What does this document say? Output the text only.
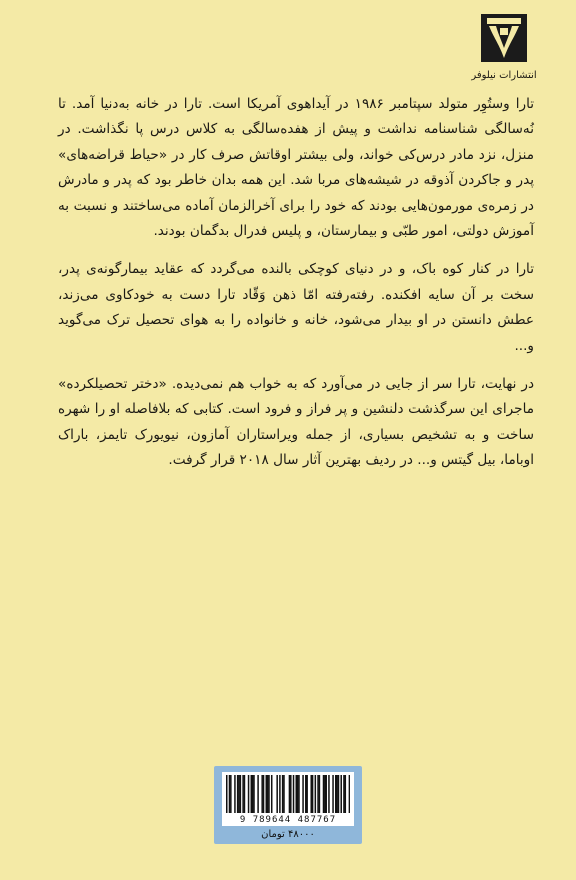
انتشارات نیلوفر

تارا وستُوِر متولد سپتامبر ۱۹۸۶ در آیداهوی آمریکا است. تارا در خانه به‌دنیا آمد. تا نُه‌سالگی شناسنامه نداشت و پیش از هفده‌سالگی به کلاس درس پا نگذاشت. در منزل، نزد مادر درس‌کی خواند، ولی بیشتر اوقاتش صرف کار در «حیاط قراضه‌های» پدر و جاکردن آذوقه در شیشه‌های مربا شد. این همه بدان خاطر بود که پدر و مادرش در زمره‌ی مورمون‌هایی بودند که خود را برای آخرالزمان آماده می‌ساختند و نسبت به آموزش دولتی، امور طبّی و بیمارستان، و پلیس فدرال بدگمان بودند.

تارا در کنار کوه باک، و در دنیای کوچکی بالنده می‌گردد که عقاید بیمارگونه‌ی پدر، سخت بر آن سایه افکنده. رفته‌رفته امّا ذهن وَقّاد تارا دست به خودکاوی می‌زند، عطش دانستن در او بیدار می‌شود، خانه و خانواده را به هوای تحصیل ترک می‌گوید و...

در نهایت، تارا سر از جایی در می‌آورد که به خواب هم نمی‌دیده. «دختر تحصیلکرده» ماجرای این سرگذشت دلنشین و پر فراز و فرود است. کتابی که بلافاصله او را شهره ساخت و به تشخیص بسیاری، از جمله ویراستاران آمازون، نیویورک تایمز، باراک اوباما، بیل گیتس و... در ردیف بهترین آثار سال ۲۰۱۸ قرار گرفت.

9 789644 487767
۴۸۰۰۰ تومان
